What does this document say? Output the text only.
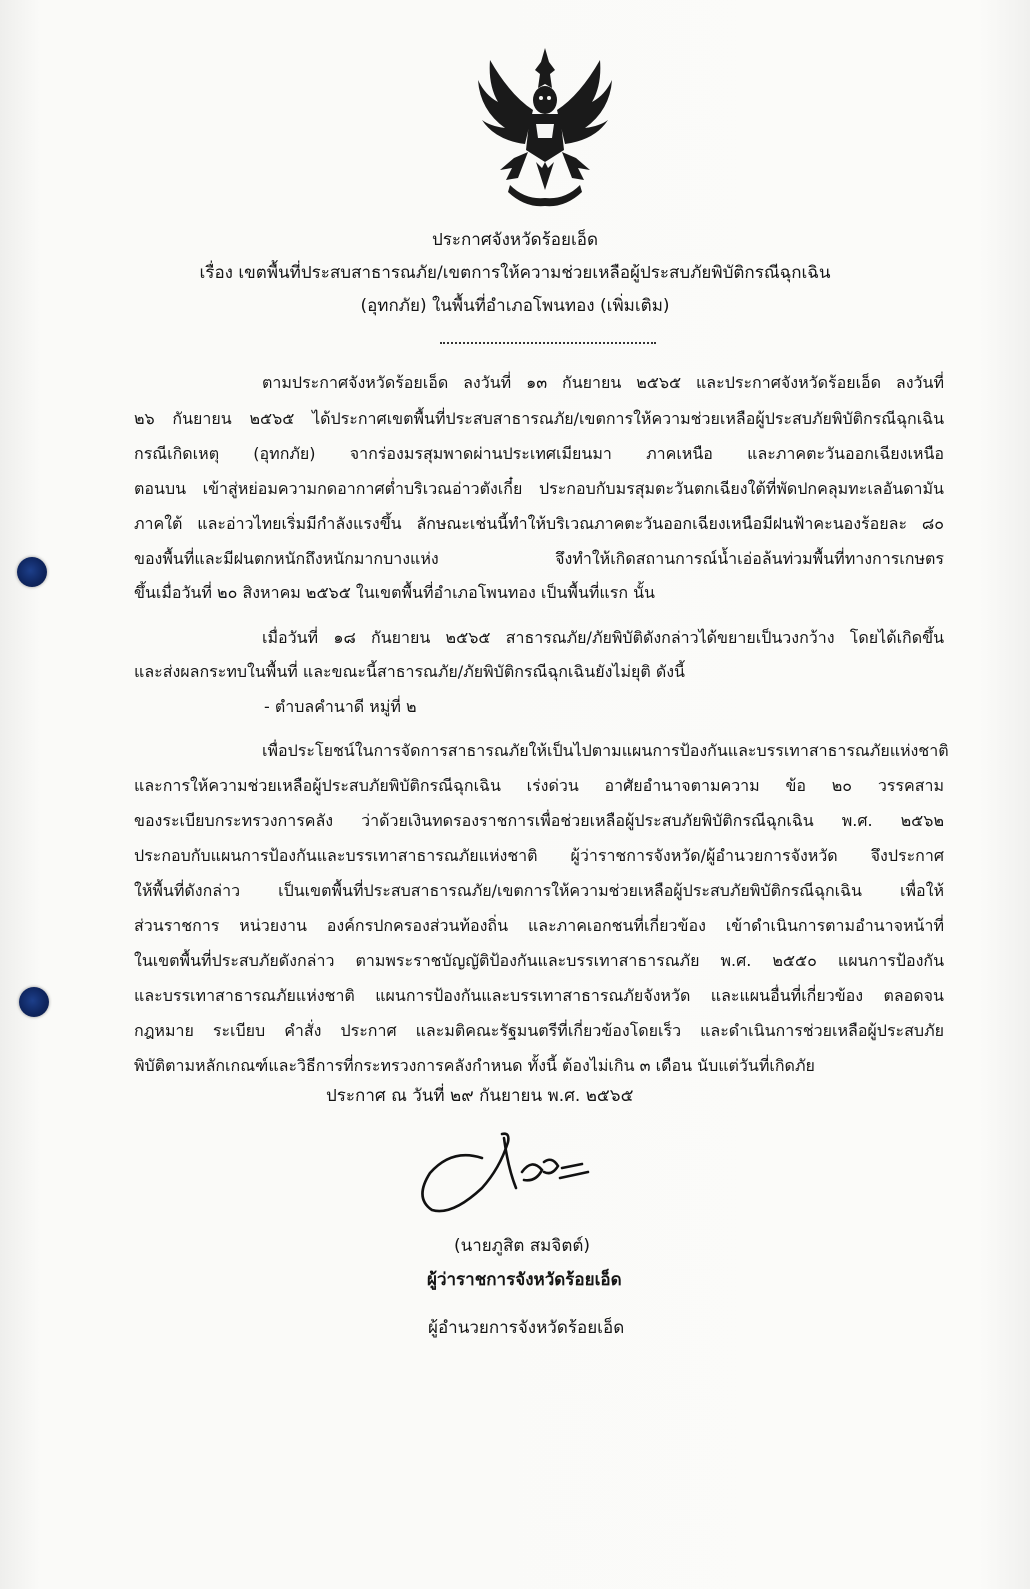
ประกาศจังหวัดร้อยเอ็ด
เรื่อง เขตพื้นที่ประสบสาธารณภัย/เขตการให้ความช่วยเหลือผู้ประสบภัยพิบัติกรณีฉุกเฉิน
(อุทกภัย) ในพื้นที่อำเภอโพนทอง (เพิ่มเติม)
ตามประกาศจังหวัดร้อยเอ็ด ลงวันที่ ๑๓ กันยายน ๒๕๖๕ และประกาศจังหวัดร้อยเอ็ด ลงวันที่
๒๖ กันยายน ๒๕๖๕ ได้ประกาศเขตพื้นที่ประสบสาธารณภัย/เขตการให้ความช่วยเหลือผู้ประสบภัยพิบัติกรณีฉุกเฉิน
กรณีเกิดเหตุ (อุทกภัย) จากร่องมรสุมพาดผ่านประเทศเมียนมา ภาคเหนือ และภาคตะวันออกเฉียงเหนือ
ตอนบน เข้าสู่หย่อมความกดอากาศต่ำบริเวณอ่าวตังเกี๋ย ประกอบกับมรสุมตะวันตกเฉียงใต้ที่พัดปกคลุมทะเลอันดามัน
ภาคใต้ และอ่าวไทยเริ่มมีกำลังแรงขึ้น ลักษณะเช่นนี้ทำให้บริเวณภาคตะวันออกเฉียงเหนือมีฝนฟ้าคะนองร้อยละ ๘๐
ของพื้นที่และมีฝนตกหนักถึงหนักมากบางแห่ง จึงทำให้เกิดสถานการณ์น้ำเอ่อล้นท่วมพื้นที่ทางการเกษตร
ขึ้นเมื่อวันที่ ๒๐ สิงหาคม ๒๕๖๕ ในเขตพื้นที่อำเภอโพนทอง เป็นพื้นที่แรก นั้น
เมื่อวันที่ ๑๘ กันยายน ๒๕๖๕ สาธารณภัย/ภัยพิบัติดังกล่าวได้ขยายเป็นวงกว้าง โดยได้เกิดขึ้น
และส่งผลกระทบในพื้นที่ และขณะนี้สาธารณภัย/ภัยพิบัติกรณีฉุกเฉินยังไม่ยุติ ดังนี้
- ตำบลคำนาดี หมู่ที่ ๒
เพื่อประโยชน์ในการจัดการสาธารณภัยให้เป็นไปตามแผนการป้องกันและบรรเทาสาธารณภัยแห่งชาติ
และการให้ความช่วยเหลือผู้ประสบภัยพิบัติกรณีฉุกเฉิน เร่งด่วน อาศัยอำนาจตามความ ข้อ ๒๐ วรรคสาม
ของระเบียบกระทรวงการคลัง ว่าด้วยเงินทดรองราชการเพื่อช่วยเหลือผู้ประสบภัยพิบัติกรณีฉุกเฉิน พ.ศ. ๒๕๖๒
ประกอบกับแผนการป้องกันและบรรเทาสาธารณภัยแห่งชาติ ผู้ว่าราชการจังหวัด/ผู้อำนวยการจังหวัด จึงประกาศ
ให้พื้นที่ดังกล่าว เป็นเขตพื้นที่ประสบสาธารณภัย/เขตการให้ความช่วยเหลือผู้ประสบภัยพิบัติกรณีฉุกเฉิน เพื่อให้
ส่วนราชการ หน่วยงาน องค์กรปกครองส่วนท้องถิ่น และภาคเอกชนที่เกี่ยวข้อง เข้าดำเนินการตามอำนาจหน้าที่
ในเขตพื้นที่ประสบภัยดังกล่าว ตามพระราชบัญญัติป้องกันและบรรเทาสาธารณภัย พ.ศ. ๒๕๕๐ แผนการป้องกัน
และบรรเทาสาธารณภัยแห่งชาติ แผนการป้องกันและบรรเทาสาธารณภัยจังหวัด และแผนอื่นที่เกี่ยวข้อง ตลอดจน
กฎหมาย ระเบียบ คำสั่ง ประกาศ และมติคณะรัฐมนตรีที่เกี่ยวข้องโดยเร็ว และดำเนินการช่วยเหลือผู้ประสบภัย
พิบัติตามหลักเกณฑ์และวิธีการที่กระทรวงการคลังกำหนด ทั้งนี้ ต้องไม่เกิน ๓ เดือน นับแต่วันที่เกิดภัย
ประกาศ ณ วันที่ ๒๙ กันยายน พ.ศ. ๒๕๖๕
(นายภูสิต สมจิตต์)
ผู้ว่าราชการจังหวัดร้อยเอ็ด
ผู้อำนวยการจังหวัดร้อยเอ็ด
